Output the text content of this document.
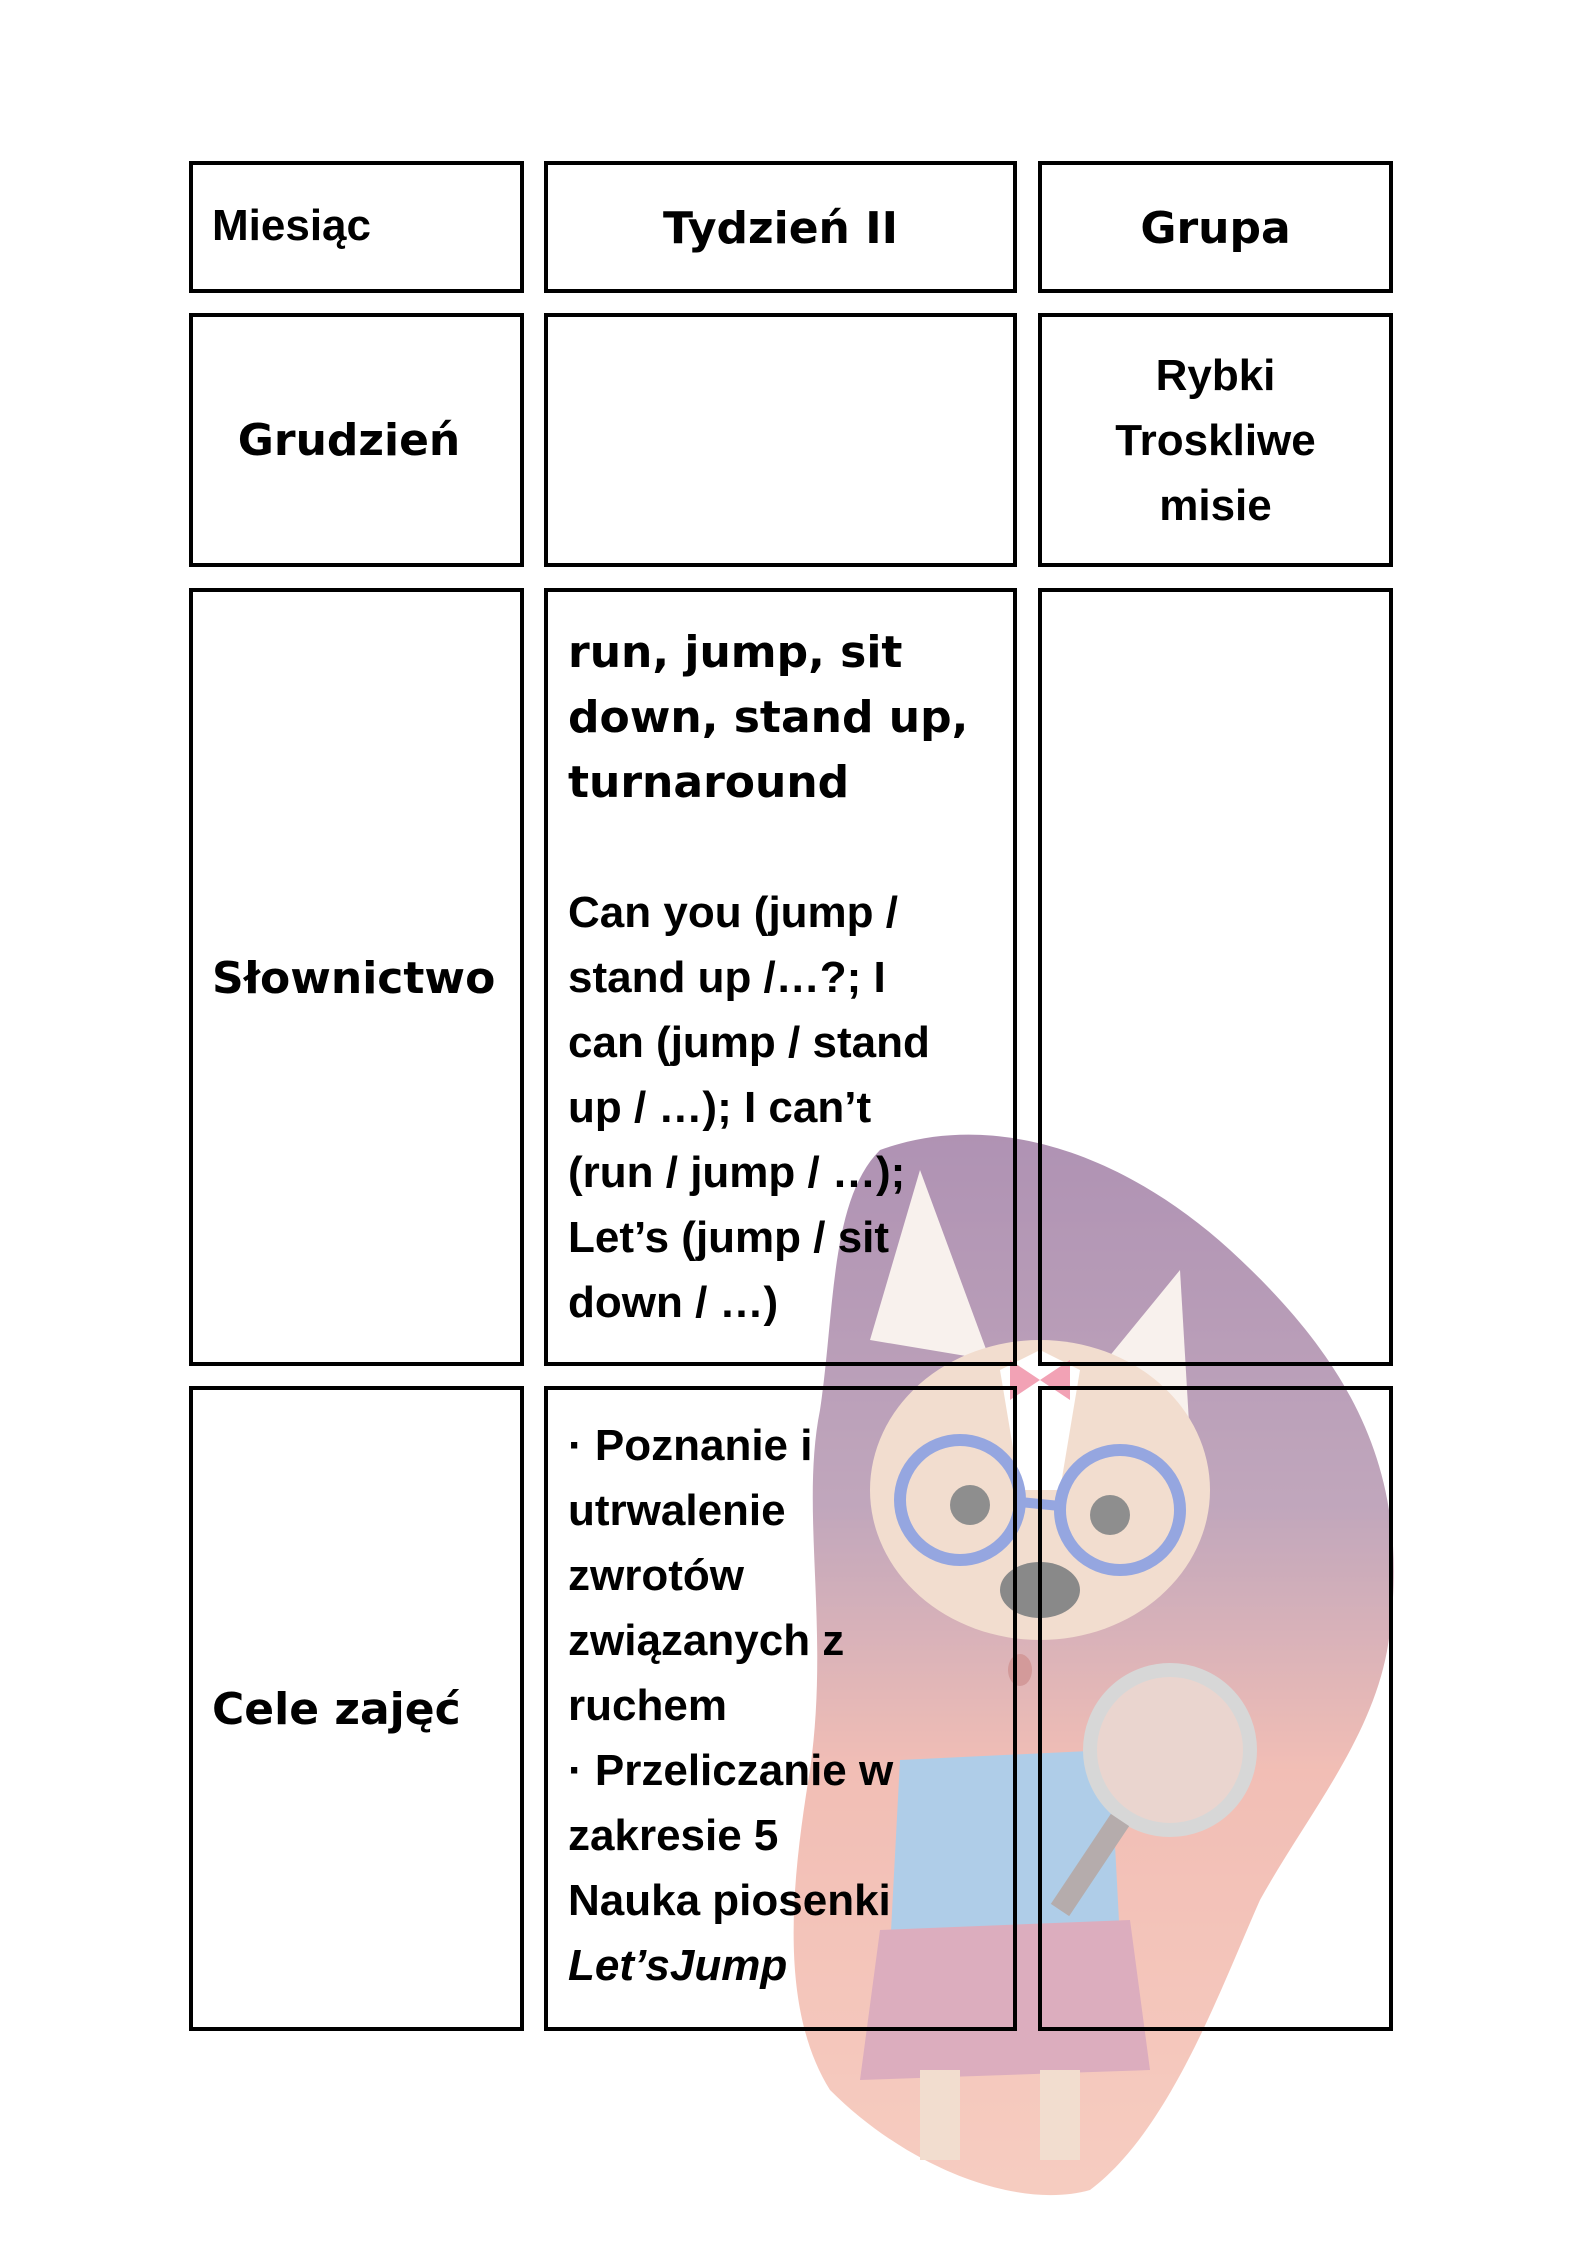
Miesiąc	Tydzień II	Grupa
Grudzień
Rybki
Troskliwe
misie
Słownictwo
run, jump, sit
down, stand up,
turnaround
Can you (jump /
stand up /…?; I
can (jump / stand
up / …); I can’t
(run / jump / …);
Let’s (jump / sit
down / …)
Cele zajęć
· Poznanie i
utrwalenie
zwrotów
związanych z
ruchem
· Przeliczanie w
zakresie 5
Nauka piosenki
Let’sJump
